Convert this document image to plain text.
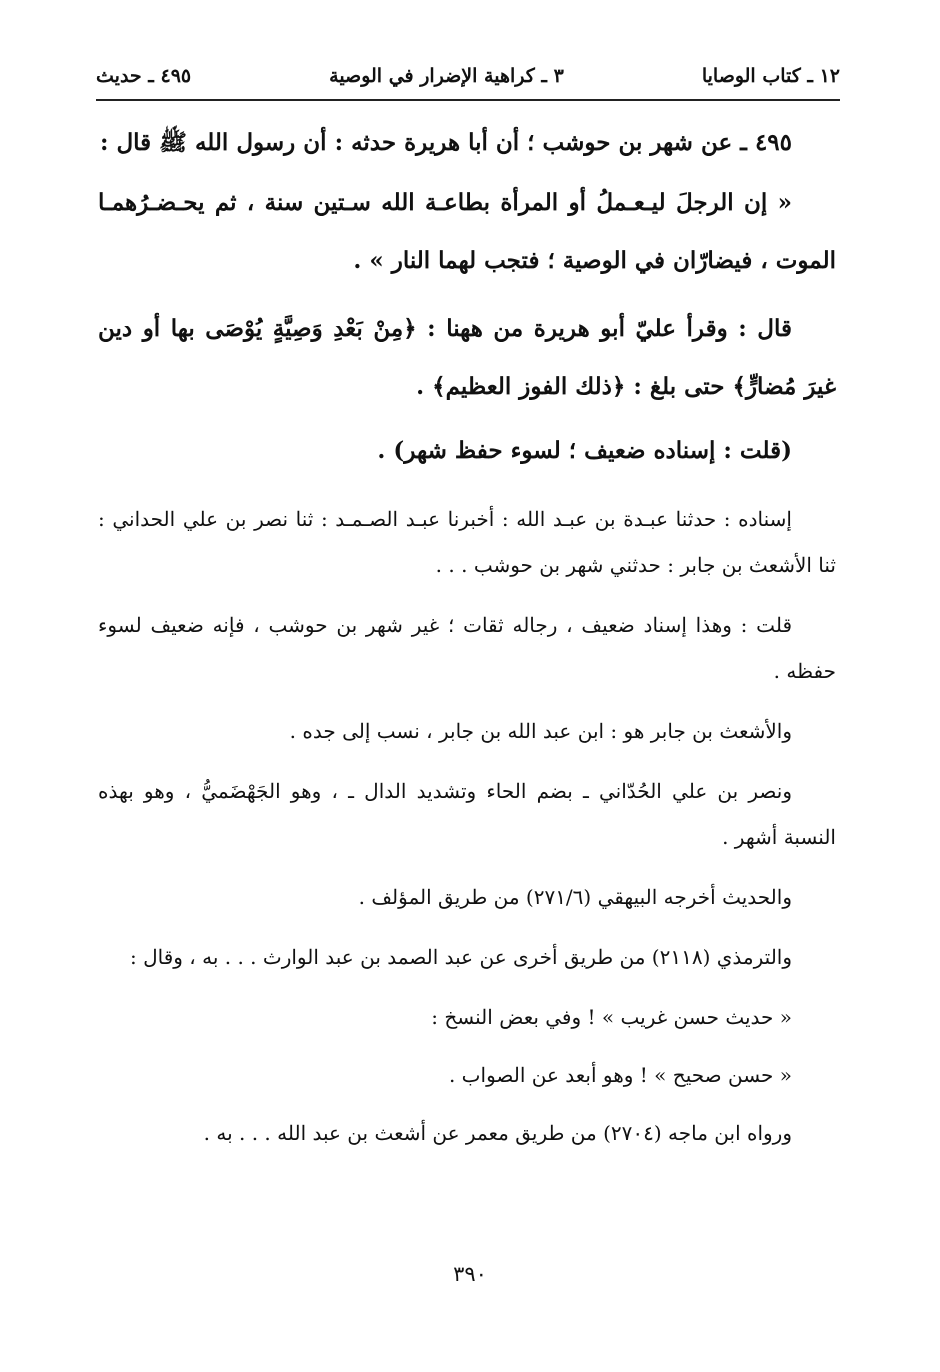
١٢ ـ كتاب الوصايا
٣ ـ كراهية الإضرار في الوصية
٤٩٥ ـ حديث

٤٩٥ ـ عن شهر بن حوشب ؛ أن أبا هريرة حدثه : أن رسول الله ﷺ قال :

« إن الرجلَ ليـعـملُ أو المرأة بطاعـة الله سـتين سنة ، ثم يحـضـرُهمـا الموت ، فيضارّان في الوصية ؛ فتجب لهما النار » .

قال : وقرأ عليّ أبو هريرة من ههنا : ﴿مِنْ بَعْدِ وَصِيَّةٍ يُوْصَى بها أو دين غيرَ مُضارٍّ﴾ حتى بلغ : ﴿ذلك الفوز العظيم﴾ .

(قلت : إسناده ضعيف ؛ لسوء حفظ شهر) .

إسناده : حدثنا عبـدة بن عبـد الله : أخبرنا عبـد الصـمـد : ثنا نصر بن علي الحداني : ثنا الأشعث بن جابر : حدثني شهر بن حوشب . . .

قلت : وهذا إسناد ضعيف ، رجاله ثقات ؛ غير شهر بن حوشب ، فإنه ضعيف لسوء حفظه .

والأشعث بن جابر هو : ابن عبد الله بن جابر ، نسب إلى جده .

ونصر بن علي الحُدّاني ـ بضم الحاء وتشديد الدال ـ ، وهو الجَهْضَميُّ ، وهو بهذه النسبة أشهر .

والحديث أخرجه البيهقي (٢٧١/٦) من طريق المؤلف .

والترمذي (٢١١٨) من طريق أخرى عن عبد الصمد بن عبد الوارث . . . به ، وقال :

« حديث حسن غريب » ! وفي بعض النسخ :

« حسن صحيح » ! وهو أبعد عن الصواب .

ورواه ابن ماجه (٢٧٠٤) من طريق معمر عن أشعث بن عبد الله . . . به .

٣٩٠
